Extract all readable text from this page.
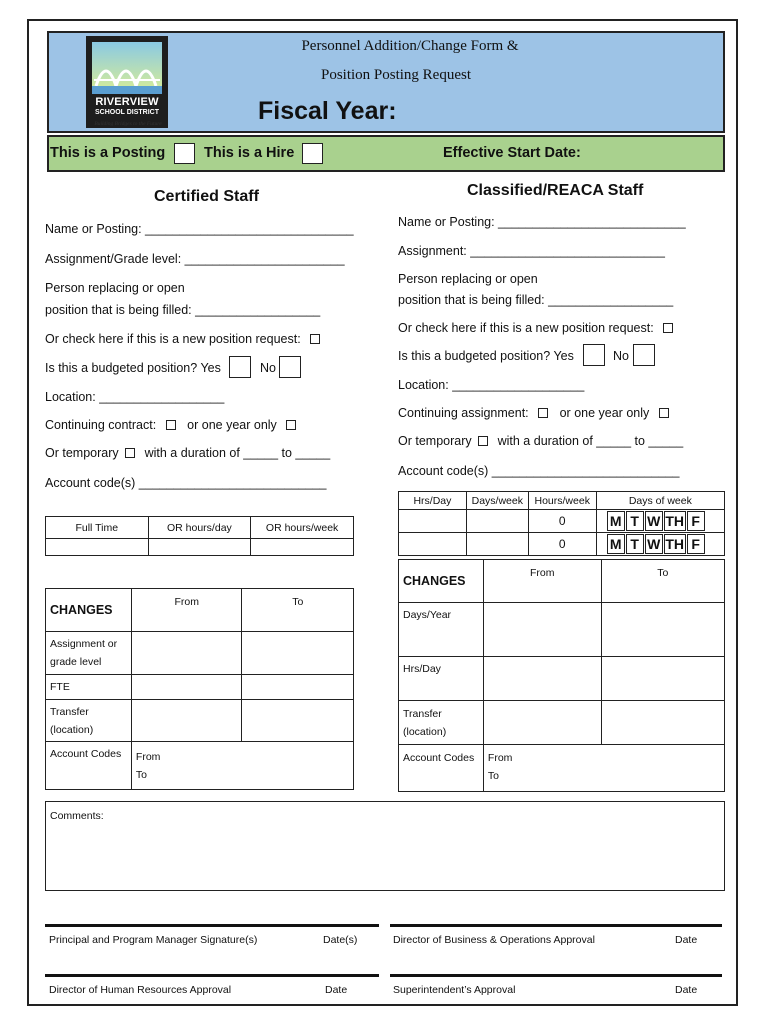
RIVERVIEW
SCHOOL DISTRICT
Building Bridges to the Future
Personnel Addition/Change Form &
Position Posting Request
Fiscal Year:
This is a Posting	This is a Hire	Effective Start Date:
Certified Staff
Name or Posting: ______________________________
Assignment/Grade level: _______________________
Person replacing or open
position that is being filled: __________________
Or check here if this is a new position request:
Is this a budgeted position? Yes	No
Location: __________________
Continuing contract: or one year only
Or temporary with a duration of _____ to _____
Account code(s) ___________________________
Full Time	OR hours/day	OR hours/week

CHANGES	From	To
Assignment or grade level		
FTE		
Transfer (location)		
Account Codes	From
To	
Classified/REACA Staff
Name or Posting: ___________________________
Assignment: ____________________________
Person replacing or open
position that is being filled: __________________
Or check here if this is a new position request:
Is this a budgeted position? Yes	No
Location: ___________________
Continuing assignment: or one year only
Or temporary with a duration of _____ to _____
Account code(s) ___________________________
Hrs/Day	Days/week	Hours/week	Days of week
		0	M T W TH F
		0	M T W TH F
CHANGES	From	To
Days/Year		
Hrs/Day		
Transfer (location)		
Account Codes	From
To	
Comments:
Principal and Program Manager Signature(s)	Date(s)	Director of Business & Operations Approval	Date
Director of Human Resources Approval	Date	Superintendent’s Approval	Date
